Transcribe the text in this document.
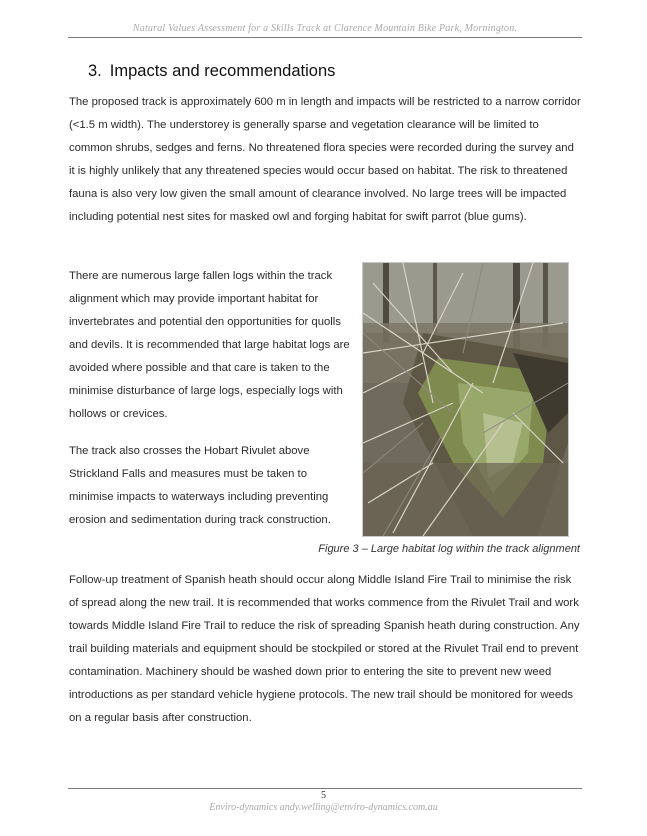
Natural Values Assessment for a Skills Track at Clarence Mountain Bike Park, Mornington.
3. Impacts and recommendations

The proposed track is approximately 600 m in length and impacts will be restricted to a narrow corridor (<1.5 m width). The understorey is generally sparse and vegetation clearance will be limited to common shrubs, sedges and ferns. No threatened flora species were recorded during the survey and it is highly unlikely that any threatened species would occur based on habitat. The risk to threatened fauna is also very low given the small amount of clearance involved. No large trees will be impacted including potential nest sites for masked owl and forging habitat for swift parrot (blue gums).

There are numerous large fallen logs within the track alignment which may provide important habitat for invertebrates and potential den opportunities for quolls and devils. It is recommended that large habitat logs are avoided where possible and that care is taken to the minimise disturbance of large logs, especially logs with hollows or crevices.

The track also crosses the Hobart Rivulet above Strickland Falls and measures must be taken to minimise impacts to waterways including preventing erosion and sedimentation during track construction.

Figure 3 – Large habitat log within the track alignment

Follow-up treatment of Spanish heath should occur along Middle Island Fire Trail to minimise the risk of spread along the new trail. It is recommended that works commence from the Rivulet Trail and work towards Middle Island Fire Trail to reduce the risk of spreading Spanish heath during construction. Any trail building materials and equipment should be stockpiled or stored at the Rivulet Trail end to prevent contamination. Machinery should be washed down prior to entering the site to prevent new weed introductions as per standard vehicle hygiene protocols. The new trail should be monitored for weeds on a regular basis after construction.

5
Enviro-dynamics andy.welling@enviro-dynamics.com.au
